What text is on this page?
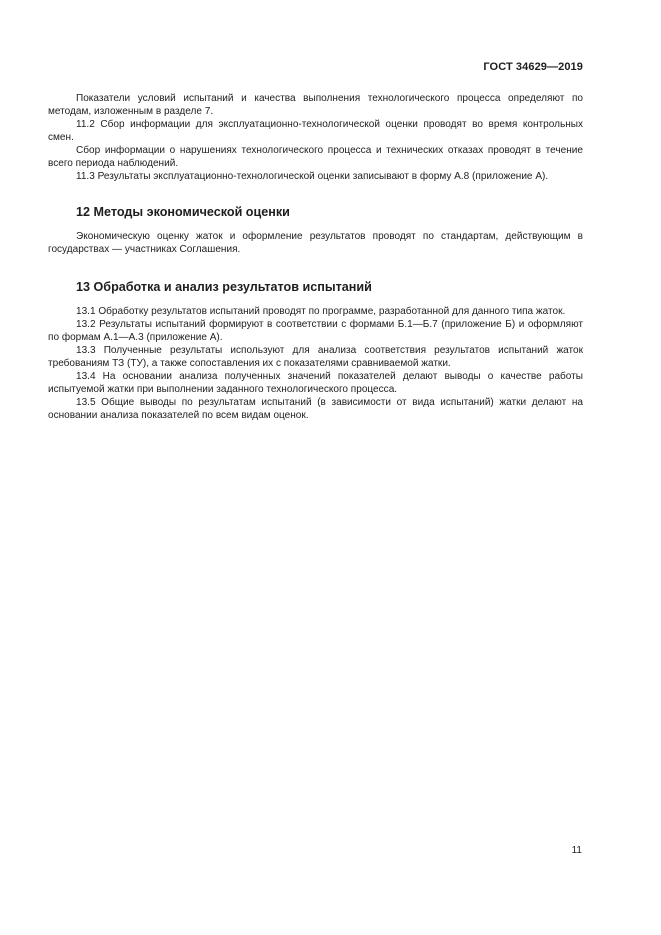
ГОСТ 34629—2019

Показатели условий испытаний и качества выполнения технологического процесса определяют по методам, изложенным в разделе 7.

11.2 Сбор информации для эксплуатационно-технологической оценки проводят во время контрольных смен.

Сбор информации о нарушениях технологического процесса и технических отказах проводят в течение всего периода наблюдений.

11.3 Результаты эксплуатационно-технологической оценки записывают в форму А.8 (приложение А).

12 Методы экономической оценки

Экономическую оценку жаток и оформление результатов проводят по стандартам, действующим в государствах — участниках Соглашения.

13 Обработка и анализ результатов испытаний

13.1 Обработку результатов испытаний проводят по программе, разработанной для данного типа жаток.

13.2 Результаты испытаний формируют в соответствии с формами Б.1—Б.7 (приложение Б) и оформляют по формам А.1—А.3 (приложение А).

13.3 Полученные результаты используют для анализа соответствия результатов испытаний жаток требованиям ТЗ (ТУ), а также сопоставления их с показателями сравниваемой жатки.

13.4 На основании анализа полученных значений показателей делают выводы о качестве работы испытуемой жатки при выполнении заданного технологического процесса.

13.5 Общие выводы по результатам испытаний (в зависимости от вида испытаний) жатки делают на основании анализа показателей по всем видам оценок.

11
